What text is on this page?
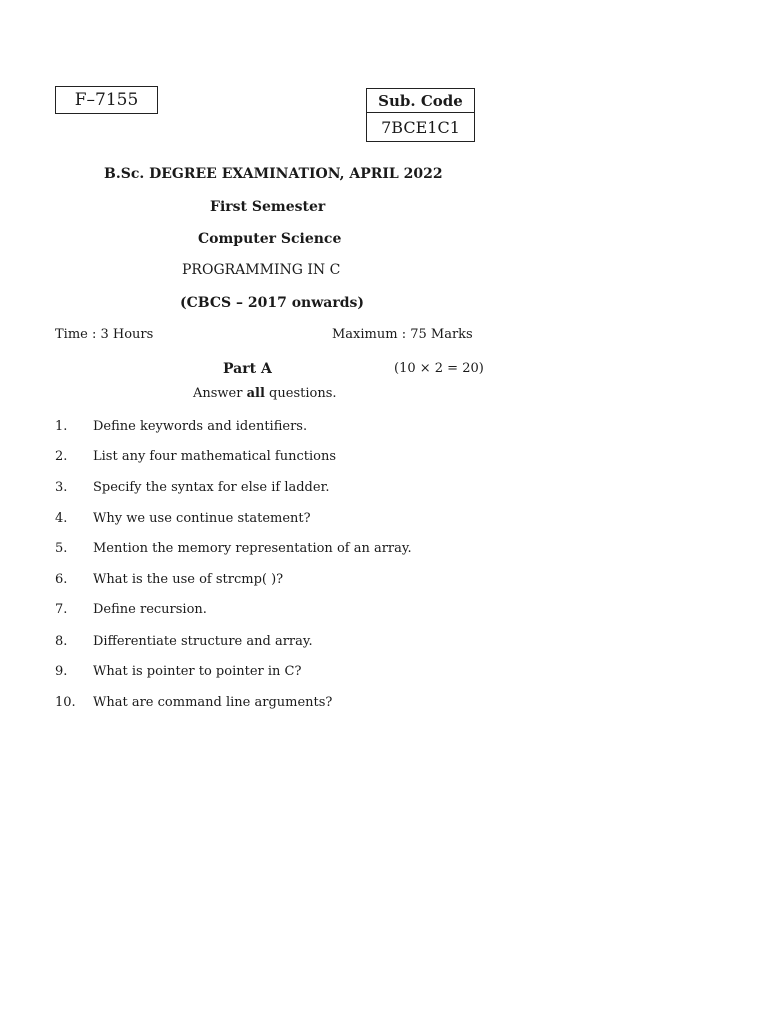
F–7155	Sub. Code
7BCE1C1
B.Sc. DEGREE EXAMINATION, APRIL 2022
First Semester
Computer Science
PROGRAMMING IN C
(CBCS – 2017 onwards)
Time : 3 Hours	Maximum : 75 Marks
Part A	(10 × 2 = 20)
Answer all questions.
1. Define keywords and identifiers.
2. List any four mathematical functions
3. Specify the syntax for else if ladder.
4. Why we use continue statement?
5. Mention the memory representation of an array.
6. What is the use of strcmp( )?
7. Define recursion.
8. Differentiate structure and array.
9. What is pointer to pointer in C?
10. What are command line arguments?
